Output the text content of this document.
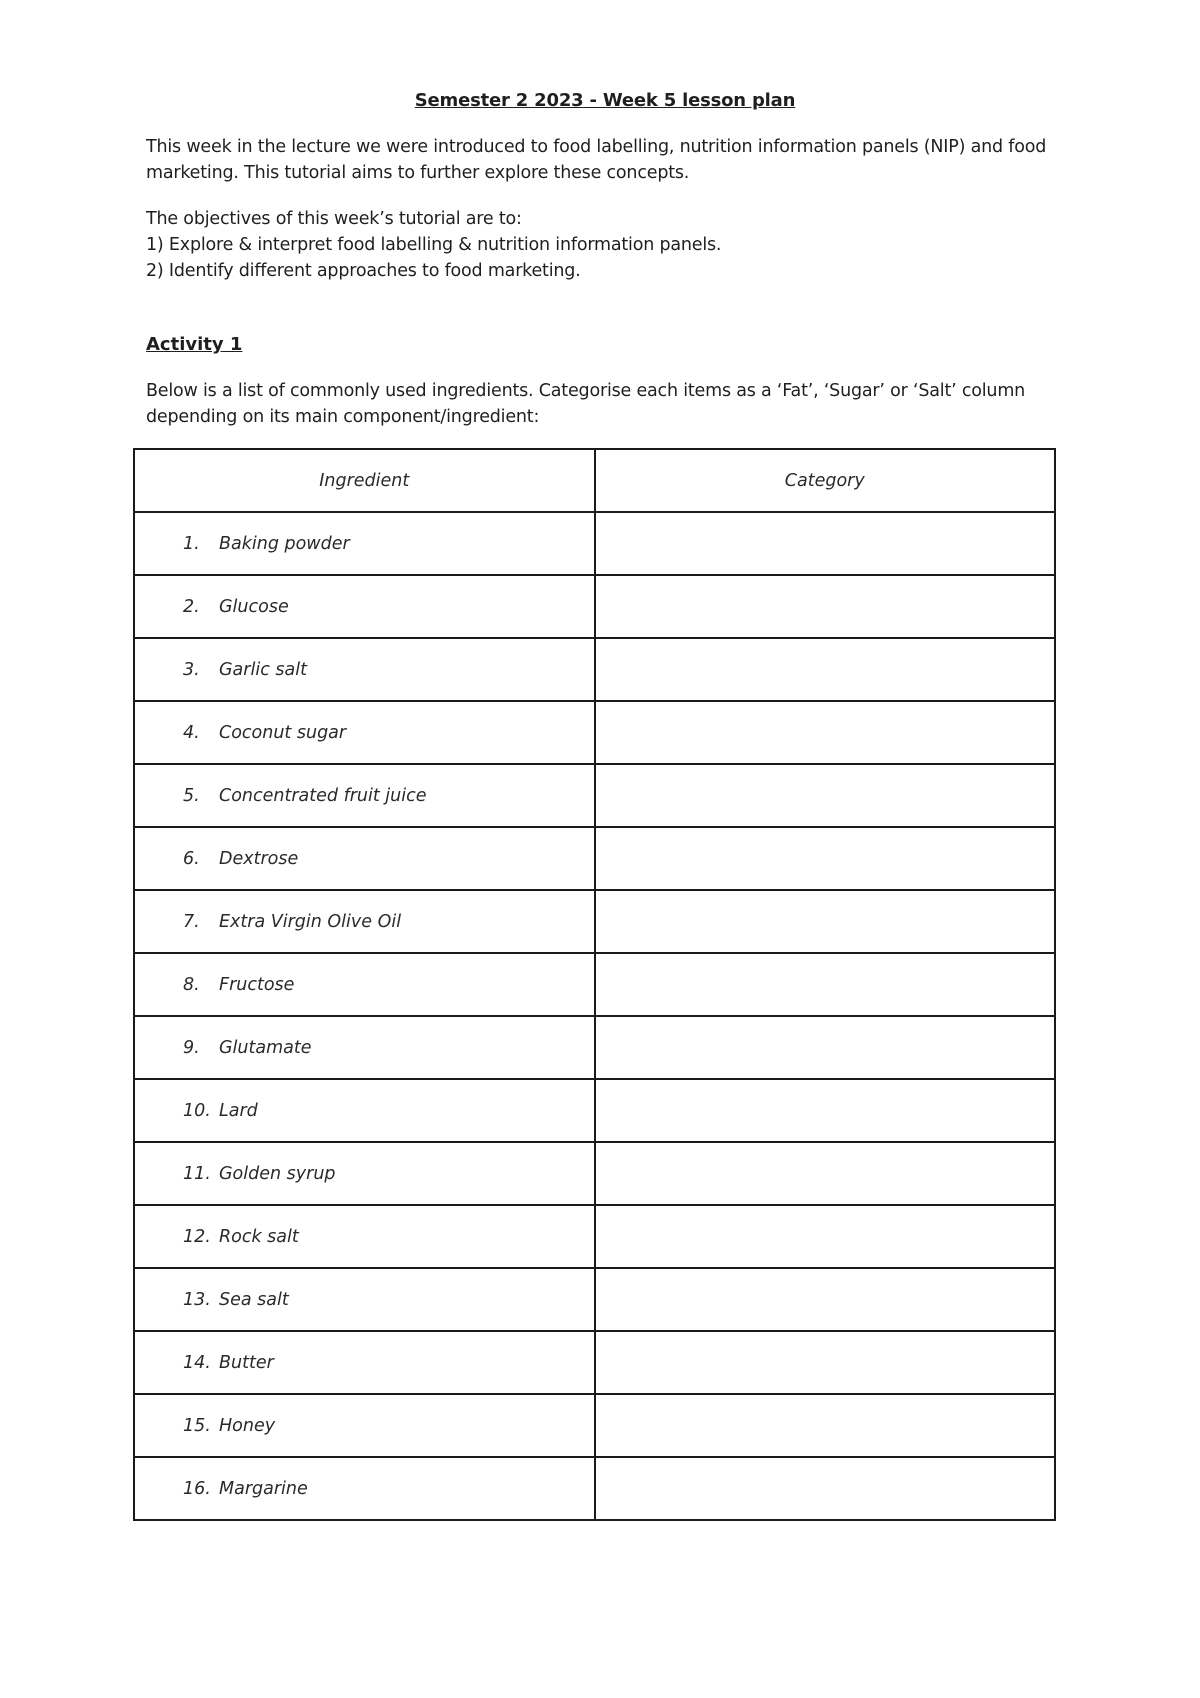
Semester 2 2023 - Week 5 lesson plan
This week in the lecture we were introduced to food labelling, nutrition information panels (NIP) and food marketing. This tutorial aims to further explore these concepts.
The objectives of this week’s tutorial are to:
1) Explore & interpret food labelling & nutrition information panels.
2) Identify different approaches to food marketing.
Activity 1
Below is a list of commonly used ingredients. Categorise each items as a ‘Fat’, ‘Sugar’ or ‘Salt’ column depending on its main component/ingredient:
Ingredient	Category
1. Baking powder	
2. Glucose	
3. Garlic salt	
4. Coconut sugar	
5. Concentrated fruit juice	
6. Dextrose	
7. Extra Virgin Olive Oil	
8. Fructose	
9. Glutamate	
10. Lard	
11. Golden syrup	
12. Rock salt	
13. Sea salt	
14. Butter	
15. Honey	
16. Margarine	
